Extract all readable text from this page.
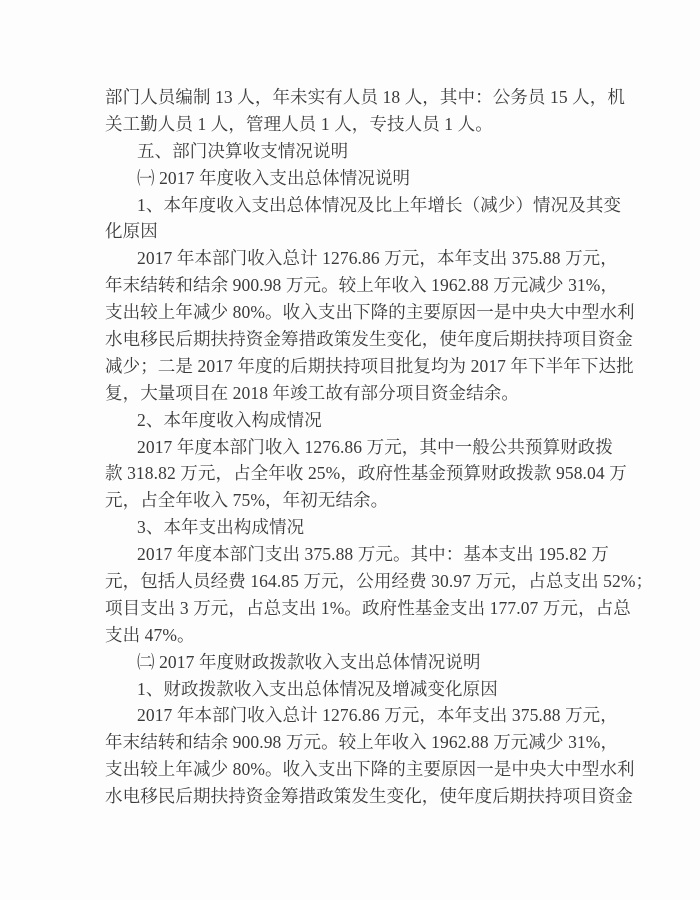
部门人员编制 13 人，年未实有人员 18 人，其中：公务员 15 人，机
关工勤人员 1 人，管理人员 1 人，专技人员 1 人。
五、部门决算收支情况说明
㈠ 2017 年度收入支出总体情况说明
1、本年度收入支出总体情况及比上年增长（减少）情况及其变
化原因
2017 年本部门收入总计 1276.86 万元，本年支出 375.88 万元，
年末结转和结余 900.98 万元。较上年收入 1962.88 万元减少 31%，
支出较上年减少 80%。收入支出下降的主要原因一是中央大中型水利
水电移民后期扶持资金筹措政策发生变化，使年度后期扶持项目资金
减少；二是 2017 年度的后期扶持项目批复均为 2017 年下半年下达批
复，大量项目在 2018 年竣工故有部分项目资金结余。
2、本年度收入构成情况
2017 年度本部门收入 1276.86 万元，其中一般公共预算财政拨
款 318.82 万元，占全年收 25%，政府性基金预算财政拨款 958.04 万
元，占全年收入 75%，年初无结余。
3、本年支出构成情况
2017 年度本部门支出 375.88 万元。其中：基本支出 195.82 万
元，包括人员经费 164.85 万元，公用经费 30.97 万元，占总支出 52%；
项目支出 3 万元，占总支出 1%。政府性基金支出 177.07 万元，占总
支出 47%。
㈡ 2017 年度财政拨款收入支出总体情况说明
1、财政拨款收入支出总体情况及增减变化原因
2017 年本部门收入总计 1276.86 万元，本年支出 375.88 万元，
年末结转和结余 900.98 万元。较上年收入 1962.88 万元减少 31%，
支出较上年减少 80%。收入支出下降的主要原因一是中央大中型水利
水电移民后期扶持资金筹措政策发生变化，使年度后期扶持项目资金
